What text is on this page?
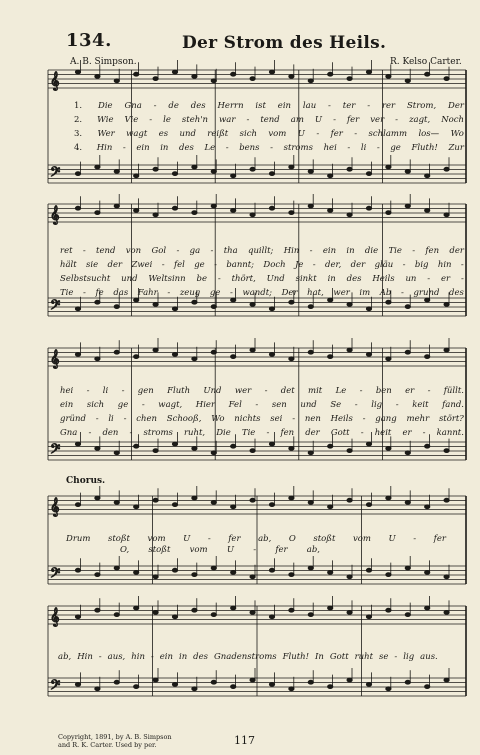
134.	Der Strom des Heils.
A. B. Simpson.	R. Kelso Carter.
𝄞
𝄢
𝄞
𝄢
𝄞
𝄢
𝄞
𝄢
𝄞
𝄢
1. Die Gna - de des Herrn ist ein lau - ter - rer Strom, Der
2. Wie Vie - le steh'n war - tend am U - fer ver - zagt, Noch
3. Wer wagt es und reißt sich vom U - fer - schlamm los— Wo
4. Hin - ein in des Le - bens - stroms hei - li - ge Fluth! Zur
ret - tend von Gol - ga - tha quillt; Hin - ein in die Tie - fen der
hält sie der Zwei - fel ge - bannt; Doch Je - der, der gläu - big hin -
Selbstsucht und Weltsinn be - thört, Und sinkt in des Heils un - er -
Tie - fe das Fahr - zeug ge - wandt; Der hat, wer im Ab - grund des
hei - li - gen Fluth Und wer - det mit Le - ben er - füllt.
ein sich ge - wagt, Hier Fel - sen und Se - lig - keit fand.
gründ - li - chen Schooß, Wo nichts sei - nen Heils - gang mehr stört?
Gna - den - stroms ruht, Die Tie - fen der Gott - heit er - kannt.
Chorus.
Drum stoßt vom U - fer ab, O stoßt vom U - fer
O, stoßt vom U - fer ab,
ab, Hin - aus, hin - ein in des Gnadenstroms Fluth! In Gott ruht se - lig aus.
Copyright, 1891, by A. B. Simpson
and R. K. Carter. Used by per.	117
